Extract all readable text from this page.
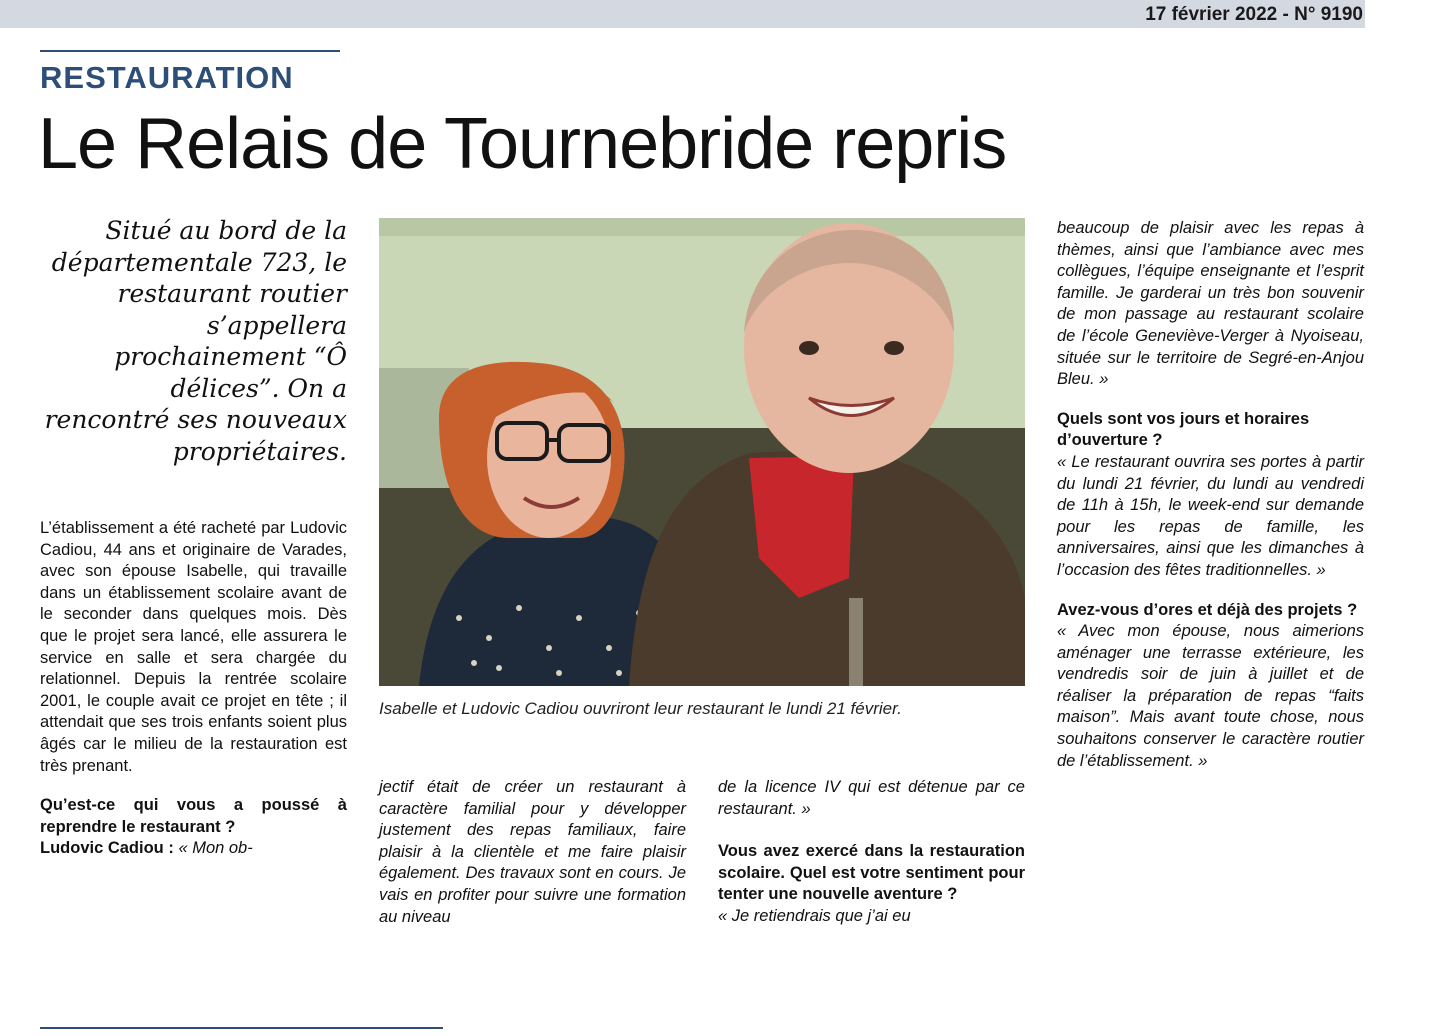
17 février 2022 - N° 9190
RESTAURATION
Le Relais de Tournebride repris
Situé au bord de la départementale 723, le restaurant routier s’appellera prochainement “Ô délices”. On a rencontré ses nouveaux propriétaires.

L’établissement a été racheté par Ludovic Cadiou, 44 ans et originaire de Varades, avec son épouse Isabelle, qui travaille dans un établissement scolaire avant de le seconder dans quelques mois. Dès que le projet sera lancé, elle assurera le service en salle et sera chargée du relationnel. Depuis la rentrée scolaire 2001, le couple avait ce projet en tête ; il attendait que ses trois enfants soient plus âgés car le milieu de la restauration est très prenant.

Qu’est-ce qui vous a poussé à reprendre le restaurant ?

Ludovic Cadiou : « Mon ob-

Isabelle et Ludovic Cadiou ouvriront leur restaurant le lundi 21 février.

jectif était de créer un restaurant à caractère familial pour y développer justement des repas familiaux, faire plaisir à la clientèle et me faire plaisir également. Des travaux sont en cours. Je vais en profiter pour suivre une formation au niveau

de la licence IV qui est détenue par ce restaurant. »

Vous avez exercé dans la restauration scolaire. Quel est votre sentiment pour tenter une nouvelle aventure ?

« Je retiendrais que j’ai eu

beaucoup de plaisir avec les repas à thèmes, ainsi que l’ambiance avec mes collègues, l’équipe enseignante et l’esprit famille. Je garderai un très bon souvenir de mon passage au restaurant scolaire de l’école Geneviève-Verger à Nyoiseau, située sur le territoire de Segré-en-Anjou Bleu. »

Quels sont vos jours et horaires d’ouverture ?

« Le restaurant ouvrira ses portes à partir du lundi 21 février, du lundi au vendredi de 11h à 15h, le week-end sur demande pour les repas de famille, les anniversaires, ainsi que les dimanches à l’occasion des fêtes traditionnelles. »

Avez-vous d’ores et déjà des projets ?

« Avec mon épouse, nous aimerions aménager une terrasse extérieure, les vendredis soir de juin à juillet et de réaliser la préparation de repas “faits maison”. Mais avant toute chose, nous souhaitons conserver le caractère routier de l’établissement. »
